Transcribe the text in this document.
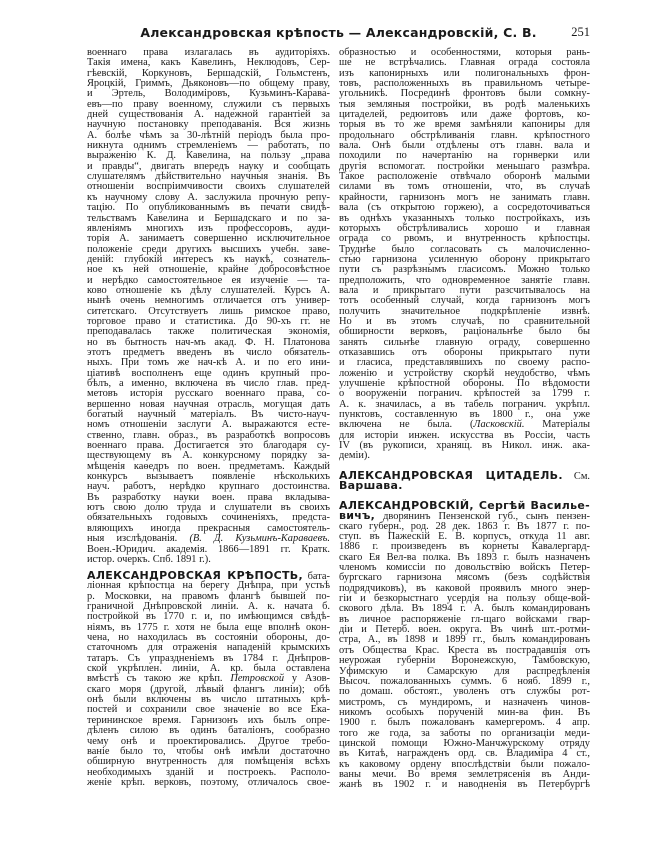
Александровская крѣпость — Александровскій, С. В.	251
военнаго права излагалась въ аудиторіяхъ.
Такія имена, какъ Кавелинъ, Неклюдовъ, Сер-
гѣевскій, Коркуновъ, Бершадскій, Гольмстенъ,
Яроцкій, Гриммъ, Дьяконовъ—по общему праву,
и Эртель, Володиміровъ, Кузьминъ-Карава-
евъ—по праву военному, служили съ первыхъ
дней существованія А. надежной гарантіей за
научную постановку преподаванія. Вся жизнь
А. болѣе чѣмъ за 30-лѣтній періодъ была про-
никнута однимъ стремленіемъ — работать, по
выраженію К. Д. Кавелина, на пользу „права
и правды“, двигать впередъ науку и сообщать
слушателямъ дѣйствительно научныя знанія. Въ
отношеніи воспріимчивости своихъ слушателей
къ научному слову А. заслужила прочную репу-
тацію. По опубликованнымъ въ печати свидѣ-
тельствамъ Кавелина и Бершадскаго и по за-
явленіямъ многихъ изъ профессоровъ, ауди-
торія А. занимаетъ совершенно исключительное
положеніе среди другихъ высшихъ учебн. заве-
деній: глубокій интересъ къ наукѣ, сознатель-
ное къ ней отношеніе, крайне добросовѣстное
и нерѣдко самостоятельное ея изученіе — та-
ково отношеніе къ дѣлу слушателей. Курсъ А.
нынѣ очень немногимъ отличается отъ универ-
ситетскаго. Отсутствуетъ лишь римское право,
торговое право и статистика. До 90-хъ гг. не
преподавалась также политическая экономія,
но въ бытность нач-мъ акад. Ф. Н. Платонова
этотъ предметъ введенъ въ число обязатель-
ныхъ. При томъ же нач-кѣ А. и по его ини-
ціативѣ восполненъ еще одинъ крупный про-
бѣлъ, а именно, включена въ число глав. пред-
метовъ исторія русскаго военнаго права, со-
вершенно новая научная отрасль, могущая дать
богатый научный матеріалъ. Въ чисто-науч-
номъ отношеніи заслуги А. выражаются есте-
ственно, главн. образ., въ разработкѣ вопросовъ
военнаго права. Достигается это благодаря су-
ществующему въ А. конкурсному порядку за-
мѣщенія каѳедръ по воен. предметамъ. Каждый
конкурсъ вызываетъ появленіе нѣсколькихъ
науч. работъ, нерѣдко крупнаго достоинства.
Въ разработку науки воен. права вкладыва-
ютъ свою долю труда и слушатели въ своихъ
обязательныхъ годовыхъ сочиненіяхъ, предста-
вляющихъ иногда прекрасныя самостоятель-
ныя изслѣдованія. (В. Д. Кузьминъ-Караваевъ.
Воен.-Юридич. академія. 1866—1891 гг. Кратк.
истор. очеркъ. Спб. 1891 г.).
АЛЕКСАНДРОВСКАЯ КРѢПОСТЬ, бата-
ліонная крѣпостца на берегу Днѣпра, при устьѣ
р. Московки, на правомъ флангѣ бывшей по-
граничной Днѣпровской линіи. А. к. начата б.
постройкой въ 1770 г. и, по имѣющимся свѣдѣ-
ніямъ, въ 1775 г. хотя не была еще вполнѣ окон-
чена, но находилась въ состояніи обороны, до-
статочномъ для отраженія нападеній крымскихъ
татаръ. Съ упраздненіемъ въ 1784 г. Днѣпров-
ской укрѣплен. линіи, А. кр. была оставлена
вмѣстѣ съ такою же крѣп. Петровской у Азов-
скаго моря (другой, лѣвый флангъ линіи); обѣ
онѣ были включены въ число штатныхъ крѣ-
постей и сохранили свое значеніе во все Ека-
терининское время. Гарнизонъ ихъ былъ опре-
дѣленъ силою въ одинъ баталіонъ, сообразно
чему онѣ и проектировались. Другое требо-
ваніе было то, чтобы онѣ имѣли достаточно
обширную внутренность для помѣщенія всѣхъ
необходимыхъ зданій и построекъ. Располо-
женіе крѣп. верковъ, поэтому, отличалось свое-
образностью и особенностями, которыя рань-
ше не встрѣчались. Главная ограда состояла
изъ капонирныхъ или полигональныхъ фрон-
товъ, расположенныхъ въ правильномъ четыре-
угольникѣ. Посрединѣ фронтовъ были сомкну-
тыя земляныя постройки, въ родѣ маленькихъ
цитаделей, редюитовъ или даже фортовъ, ко-
торыя въ то же время замѣняли капониры для
продольнаго обстрѣливанія главн. крѣпостного
вала. Онѣ были отдѣлены отъ главн. вала и
походили по начертанію на горнверки или
другія вспомогат. постройки меньшаго размѣра.
Такое расположеніе отвѣчало оборонѣ малыми
силами въ томъ отношеніи, что, въ случаѣ
крайности, гарнизонъ могъ не занимать главн.
вала (съ открытою горжею), а сосредоточиваться
въ однѣхъ указанныхъ только постройкахъ, изъ
которыхъ обстрѣливались хорошо и главная
ограда со рвомъ, и внутренность крѣпостцы.
Труднѣе было согласовать съ малочисленно-
стью гарнизона усиленную оборону прикрытаго
пути съ разрѣзнымъ гласисомъ. Можно только
предположить, что одновременное занятіе главн.
вала и прикрытаго пути разсчитывалось на
тотъ особенный случай, когда гарнизонъ могъ
получить значительное подкрѣпленіе извнѣ.
Но и въ этомъ случаѣ, по сравнительной
обширности верковъ, раціональнѣе было бы
занять сильнѣе главную ограду, совершенно
отказавшись отъ обороны прикрытаго пути
и гласиса, представлявшихъ по своему распо-
ложенію и устройству скорѣй неудобство, чѣмъ
улучшеніе крѣпостной обороны. По вѣдомости
о вооруженіи погранич. крѣпостей за 1799 г.
А. к. значилась, а въ табель погранич. укрѣпл.
пунктовъ, составленную въ 1800 г., она уже
включена не была. (Ласковскій. Матеріалы
для исторіи инжен. искусства въ Россіи, часть
IV (въ рукописи, хранящ. въ Никол. инж. ака-
деміи).
АЛЕКСАНДРОВСКАЯ ЦИТАДЕЛЬ. См.
Варшава.
АЛЕКСАНДРОВСКІЙ, Сергѣй Василье-
вичъ, дворянинъ Пензенской губ., сынъ пензен-
скаго губерн., род. 28 дек. 1863 г. Въ 1877 г. по-
ступ. въ Пажескій Е. В. корпусъ, откуда 11 авг.
1886 г. произведенъ въ корнеты Кавалергард-
скаго Ея Вел-ва полка. Въ 1893 г. былъ назначенъ
членомъ комиссіи по довольствію войскъ Петер-
бургскаго гарнизона мясомъ (безъ содѣйствія
подрядчиковъ), въ каковой проявилъ много энер-
гіи и безкорыстнаго усердія на пользу обще-вой-
скового дѣла. Въ 1894 г. А. былъ командированъ
въ личное распоряженіе гл-щаго войсками гвар-
діи и Петерб. воен. округа. Въ чинѣ шт.-ротми-
стра, А., въ 1898 и 1899 гг., былъ командированъ
отъ Общества Крас. Креста въ пострадавшія отъ
неурожая губерніи Воронежскую, Тамбовскую,
Уфимскую и Самарскую для распредѣленія
Высоч. пожалованныхъ суммъ. 6 нояб. 1899 г.,
по домаш. обстоят., уволенъ отъ службы рот-
мистромъ, съ мундиромъ, и назначенъ чинов-
никомъ особыхъ порученій мин-ва фин. Въ
1900 г. былъ пожалованъ камергеромъ. 4 апр.
того же года, за заботы по организаціи меди-
цинской помощи Южно-Манчжурскому отряду
въ Китаѣ, награжденъ орд. св. Владиміра 4 ст.,
къ каковому ордену впослѣдствіи были пожало-
ваны мечи. Во время землетрясенія въ Анди-
жанѣ въ 1902 г. и наводненія въ Петербургѣ
